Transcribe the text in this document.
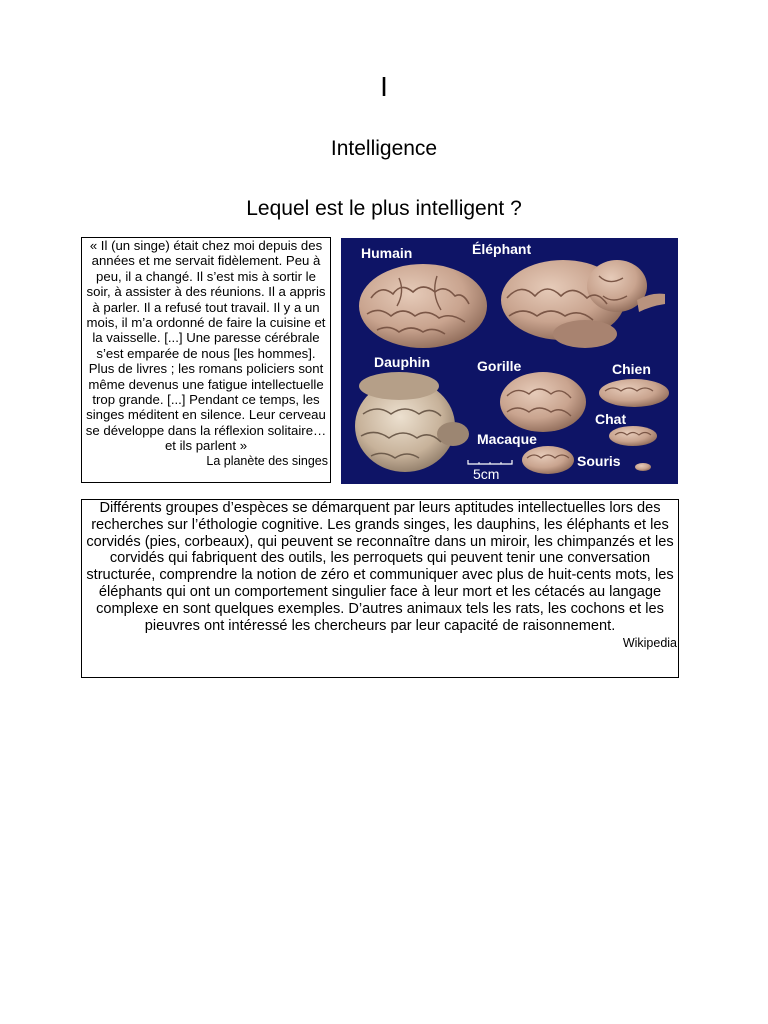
I
Intelligence
Lequel est le plus intelligent ?
« Il (un singe) était chez moi depuis des années et me servait fidèlement. Peu à peu, il a changé. Il s’est mis à sortir le soir, à assister à des réunions. Il a appris à parler. Il a refusé tout travail. Il y a un mois, il m’a ordonné de faire la cuisine et la vaisselle. [...] Une paresse cérébrale s’est emparée de nous [les hommes]. Plus de livres ; les romans policiers sont même devenus une fatigue intellectuelle trop grande. [...] Pendant ce temps, les singes méditent en silence. Leur cerveau se développe dans la réflexion solitaire… et ils parlent »
La planète des singes
Humain	Éléphant
Dauphin	Gorille	Chien
Chat
Macaque
Souris
5cm
Différents groupes d’espèces se démarquent par leurs aptitudes intellectuelles lors des recherches sur l’éthologie cognitive. Les grands singes, les dauphins, les éléphants et les corvidés (pies, corbeaux), qui peuvent se reconnaître dans un miroir, les chimpanzés et les corvidés qui fabriquent des outils, les perroquets qui peuvent tenir une conversation structurée, comprendre la notion de zéro et communiquer avec plus de huit-cents mots, les éléphants qui ont un comportement singulier face à leur mort et les cétacés au langage complexe en sont quelques exemples. D’autres animaux tels les rats, les cochons et les pieuvres ont intéressé les chercheurs par leur capacité de raisonnement.
Wikipedia
